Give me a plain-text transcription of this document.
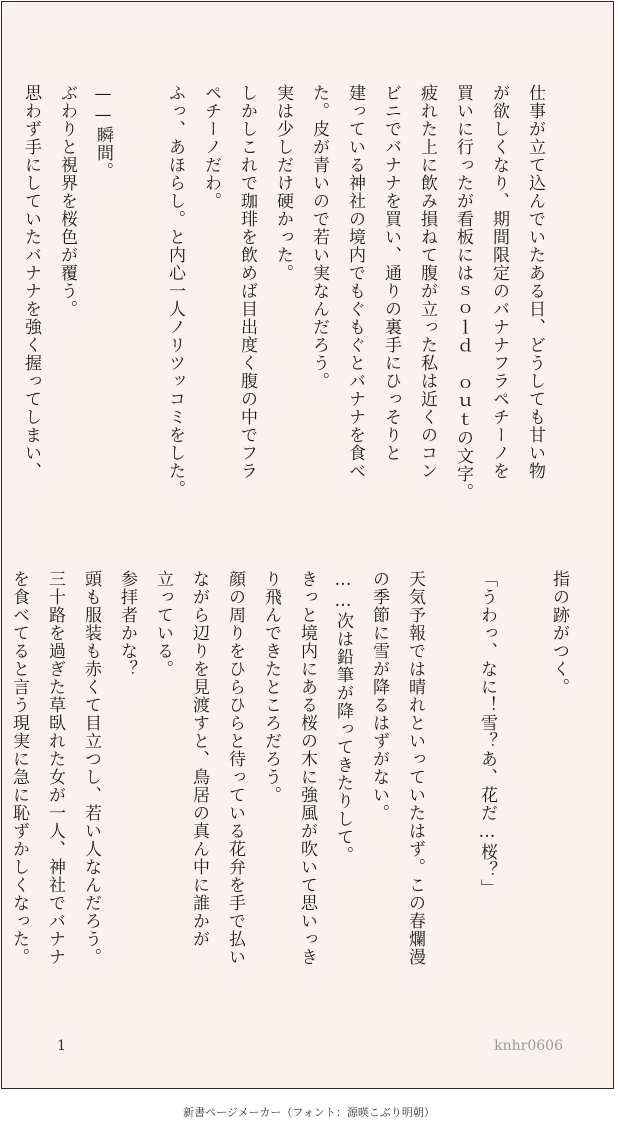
仕事が立て込んでいたある日、どうしても甘い物
が欲しくなり、期間限定のバナナフラペチーノを
買いに行ったが看板にはｓｏｌｄ ｏｕｔの文字。
疲れた上に飲み損ねて腹が立った私は近くのコン
ビニでバナナを買い、通りの裏手にひっそりと
建っている神社の境内でもぐもぐとバナナを食べ
た。皮が青いので若い実なんだろう。
実は少しだけ硬かった。
しかしこれで珈琲を飲めば目出度く腹の中でフラ
ペチーノだわ。
ふっ、あほらし。と内心一人ノリツッコミをした。
——瞬間。
ぶわりと視界を桜色が覆う。
思わず手にしていたバナナを強く握ってしまい、
指の跡がつく。
「うわっ、なに！雪？あ、花だ…桜？」
天気予報では晴れといっていたはず。この春爛漫
の季節に雪が降るはずがない。
……次は鉛筆が降ってきたりして。
きっと境内にある桜の木に強風が吹いて思いっき
り飛んできたところだろう。
顔の周りをひらひらと待っている花弁を手で払い
ながら辺りを見渡すと、鳥居の真ん中に誰かが
立っている。
参拝者かな？
頭も服装も赤くて目立つし、若い人なんだろう。
三十路を過ぎた草臥れた女が一人、神社でバナナ
を食べてると言う現実に急に恥ずかしくなった。
1	knhr0606
新書ページメーカー（フォント：源暎こぶり明朝）
